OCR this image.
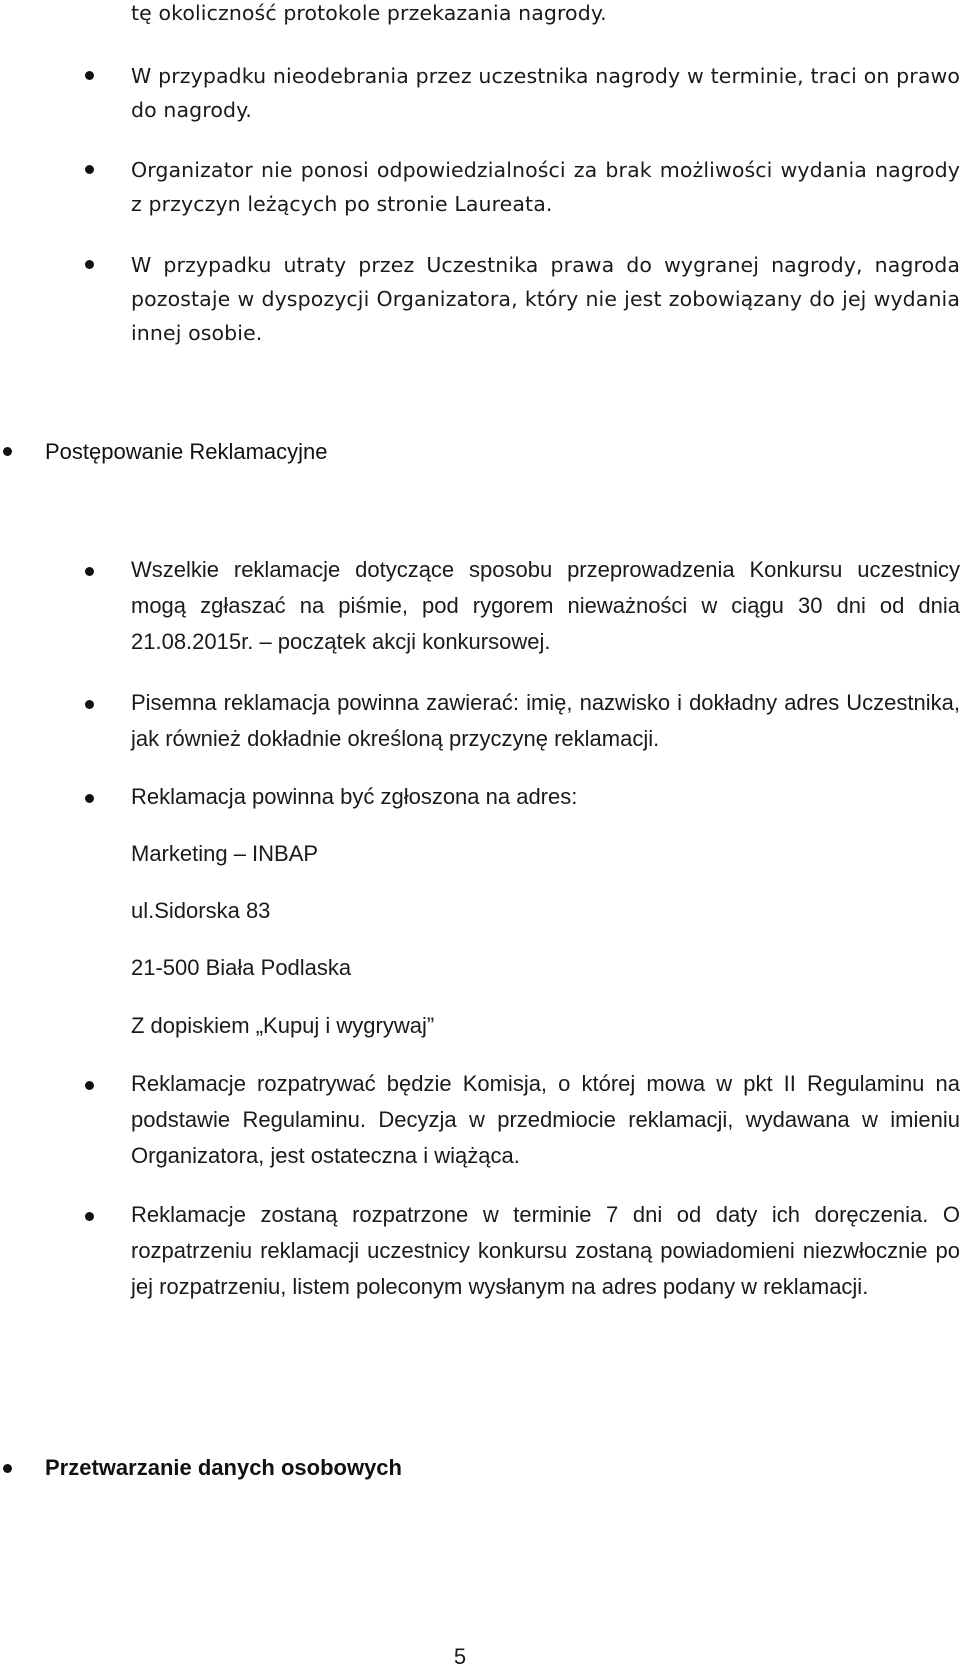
tę okoliczność protokole przekazania nagrody.
W przypadku nieodebrania przez uczestnika nagrody w terminie, traci on prawo do nagrody.
Organizator nie ponosi odpowiedzialności za brak możliwości wydania nagrody z przyczyn leżących po stronie Laureata.
W przypadku utraty przez Uczestnika prawa do wygranej nagrody, nagroda pozostaje w dyspozycji Organizatora, który nie jest zobowiązany do jej wydania innej osobie.
Postępowanie Reklamacyjne
Wszelkie reklamacje dotyczące sposobu przeprowadzenia Konkursu uczestnicy mogą zgłaszać na piśmie, pod rygorem nieważności w ciągu 30 dni od dnia 21.08.2015r. – początek akcji konkursowej.
Pisemna reklamacja powinna zawierać: imię, nazwisko i dokładny adres Uczestnika, jak również dokładnie określoną przyczynę reklamacji.
Reklamacja powinna być zgłoszona na adres:
Marketing – INBAP
ul.Sidorska 83
21-500 Biała Podlaska
Z dopiskiem „Kupuj i wygrywaj”
Reklamacje rozpatrywać będzie Komisja, o której mowa w pkt II Regulaminu na podstawie Regulaminu. Decyzja w przedmiocie reklamacji, wydawana w imieniu Organizatora, jest ostateczna i wiążąca.
Reklamacje zostaną rozpatrzone w terminie 7 dni od daty ich doręczenia. O rozpatrzeniu reklamacji uczestnicy konkursu zostaną powiadomieni niezwłocznie po jej rozpatrzeniu, listem poleconym wysłanym na adres podany w reklamacji.
Przetwarzanie danych osobowych
5
